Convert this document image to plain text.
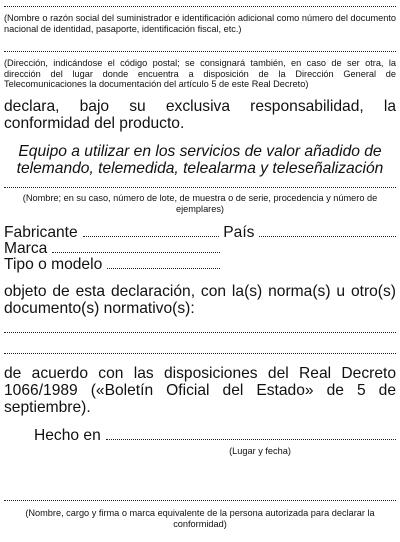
(Nombre o razón social del suministrador e identificación adicional como número del documento nacional de identidad, pasaporte, identificación fiscal, etc.)
(Dirección, indicándose el código postal; se consignará también, en caso de ser otra, la dirección del lugar donde encuentra a disposición de la Dirección General de Telecomunicaciones la documentación del artículo 5 de este Real Decreto)
declara, bajo su exclusiva responsabilidad, la conformidad del producto.
Equipo a utilizar en los servicios de valor añadido de telemando, telemedida, telealarma y teleseñalización
(Nombre; en su caso, número de lote, de muestra o de serie, procedencia y número de ejemplares)
Fabricante	País
Marca
Tipo o modelo
objeto de esta declaración, con la(s) norma(s) u otro(s) documento(s) normativo(s):
de acuerdo con las disposiciones del Real Decreto 1066/1989 («Boletín Oficial del Estado» de 5 de septiembre).
Hecho en
(Lugar y fecha)
(Nombre, cargo y firma o marca equivalente de la persona autorizada para declarar la conformidad)
